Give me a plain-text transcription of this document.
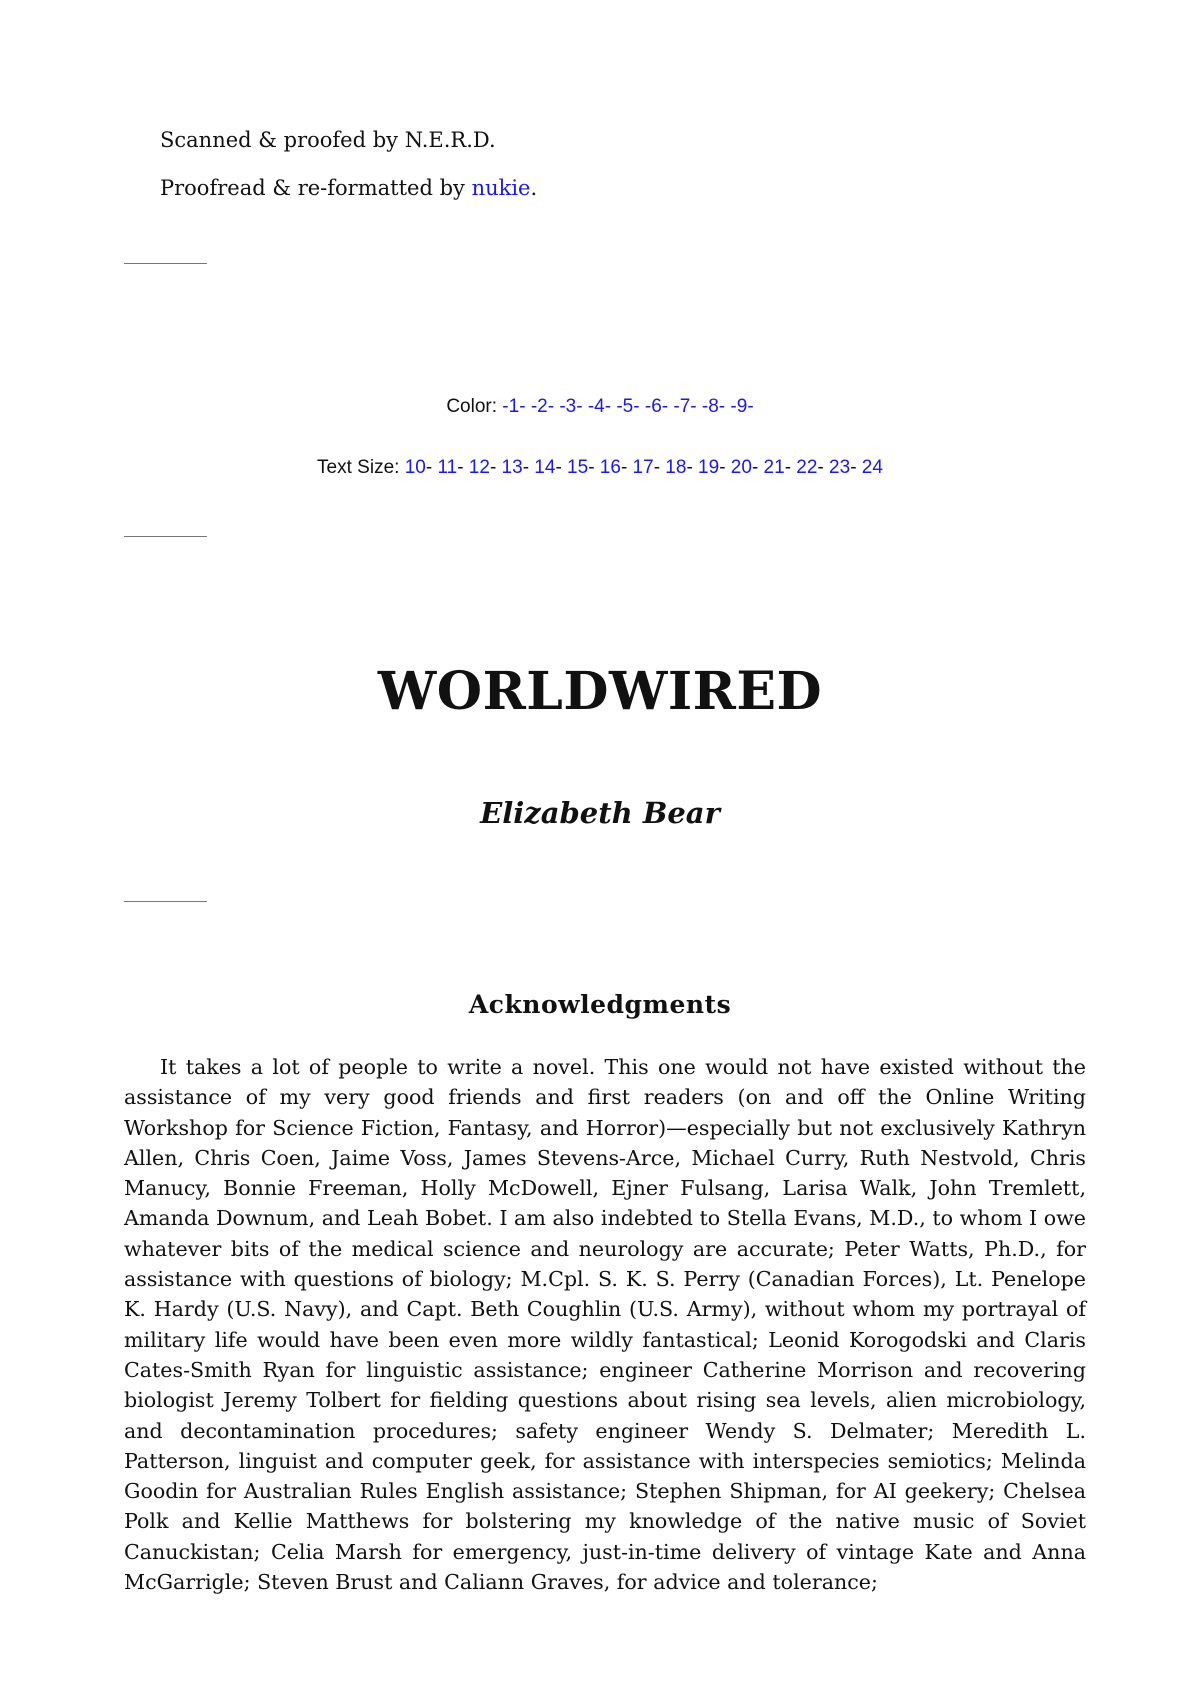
Scanned & proofed by N.E.R.D.

Proofread & re-formatted by nukie.

Color: -1- -2- -3- -4- -5- -6- -7- -8- -9-

Text Size: 10- 11- 12- 13- 14- 15- 16- 17- 18- 19- 20- 21- 22- 23- 24

WORLDWIRED
Elizabeth Bear
Acknowledgments

It takes a lot of people to write a novel. This one would not have existed without the assistance of my very good friends and first readers (on and off the Online Writing Workshop for Science Fiction, Fantasy, and Horror)—especially but not exclusively Kathryn Allen, Chris Coen, Jaime Voss, James Stevens-Arce, Michael Curry, Ruth Nestvold, Chris Manucy, Bonnie Freeman, Holly McDowell, Ejner Fulsang, Larisa Walk, John Tremlett, Amanda Downum, and Leah Bobet. I am also indebted to Stella Evans, M.D., to whom I owe whatever bits of the medical science and neurology are accurate; Peter Watts, Ph.D., for assistance with questions of biology; M.Cpl. S. K. S. Perry (Canadian Forces), Lt. Penelope K. Hardy (U.S. Navy), and Capt. Beth Coughlin (U.S. Army), without whom my portrayal of military life would have been even more wildly fantastical; Leonid Korogodski and Claris Cates-Smith Ryan for linguistic assistance; engineer Catherine Morrison and recovering biologist Jeremy Tolbert for fielding questions about rising sea levels, alien microbiology, and decontamination procedures; safety engineer Wendy S. Delmater; Meredith L. Patterson, linguist and computer geek, for assistance with interspecies semiotics; Melinda Goodin for Australian Rules English assistance; Stephen Shipman, for AI geekery; Chelsea Polk and Kellie Matthews for bolstering my knowledge of the native music of Soviet Canuckistan; Celia Marsh for emergency, just-in-time delivery of vintage Kate and Anna McGarrigle; Steven Brust and Caliann Graves, for advice and tolerance;
